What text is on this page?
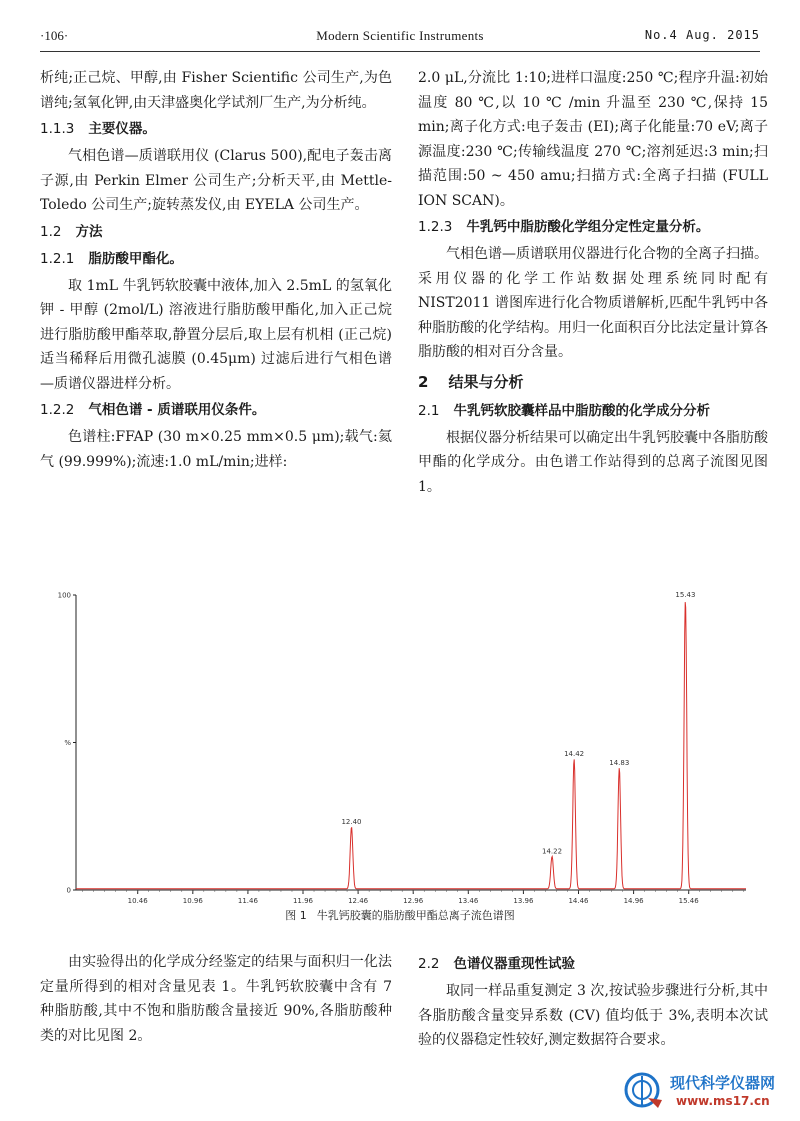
·106·	Modern Scientific Instruments	No.4 Aug. 2015

析纯;正己烷、甲醇,由 Fisher Scientific 公司生产,为色谱纯;氢氧化钾,由天津盛奥化学试剂厂生产,为分析纯。

1.1.3 主要仪器。

气相色谱—质谱联用仪 (Clarus 500),配电子轰击离子源,由 Perkin Elmer 公司生产;分析天平,由 Mettle-Toledo 公司生产;旋转蒸发仪,由 EYELA 公司生产。

1.2 方法
1.2.1 脂肪酸甲酯化。

取 1mL 牛乳钙软胶囊中液体,加入 2.5mL 的氢氧化钾 - 甲醇 (2mol/L) 溶液进行脂肪酸甲酯化,加入正己烷进行脂肪酸甲酯萃取,静置分层后,取上层有机相 (正己烷) 适当稀释后用微孔滤膜 (0.45μm) 过滤后进行气相色谱—质谱仪器进样分析。

1.2.2 气相色谱 - 质谱联用仪条件。

色谱柱:FFAP (30 m×0.25 mm×0.5 μm);载气:氦气 (99.999%);流速:1.0 mL/min;进样:

2.0 μL,分流比 1:10;进样口温度:250 ℃;程序升温:初始温度 80 ℃,以 10 ℃ /min 升温至 230 ℃,保持 15 min;离子化方式:电子轰击 (EI);离子化能量:70 eV;离子源温度:230 ℃;传输线温度 270 ℃;溶剂延迟:3 min;扫描范围:50 ~ 450 amu;扫描方式:全离子扫描 (FULL ION SCAN)。

1.2.3 牛乳钙中脂肪酸化学组分定性定量分析。

气相色谱—质谱联用仪器进行化合物的全离子扫描。采用仪器的化学工作站数据处理系统同时配有 NIST2011 谱图库进行化合物质谱解析,匹配牛乳钙中各种脂肪酸的化学结构。用归一化面积百分比法定量计算各脂肪酸的相对百分含量。

2 结果与分析
2.1 牛乳钙软胶囊样品中脂肪酸的化学成分分析

根据仪器分析结果可以确定出牛乳钙胶囊中各脂肪酸甲酯的化学成分。由色谱工作站得到的总离子流图见图 1。

0
%
100
10.46	10.96	11.46	11.96	12.46	12.96	13.46	13.96	14.46	14.96	15.46
12.40
14.22
14.42
14.83
15.43
图 1 牛乳钙胶囊的脂肪酸甲酯总离子流色谱图

由实验得出的化学成分经鉴定的结果与面积归一化法定量所得到的相对含量见表 1。牛乳钙软胶囊中含有 7 种脂肪酸,其中不饱和脂肪酸含量接近 90%,各脂肪酸种类的对比见图 2。

2.2 色谱仪器重现性试验

取同一样品重复测定 3 次,按试验步骤进行分析,其中各脂肪酸含量变异系数 (CV) 值均低于 3%,表明本次试验的仪器稳定性较好,测定数据符合要求。

现代科学仪器网
www.ms17.cn
